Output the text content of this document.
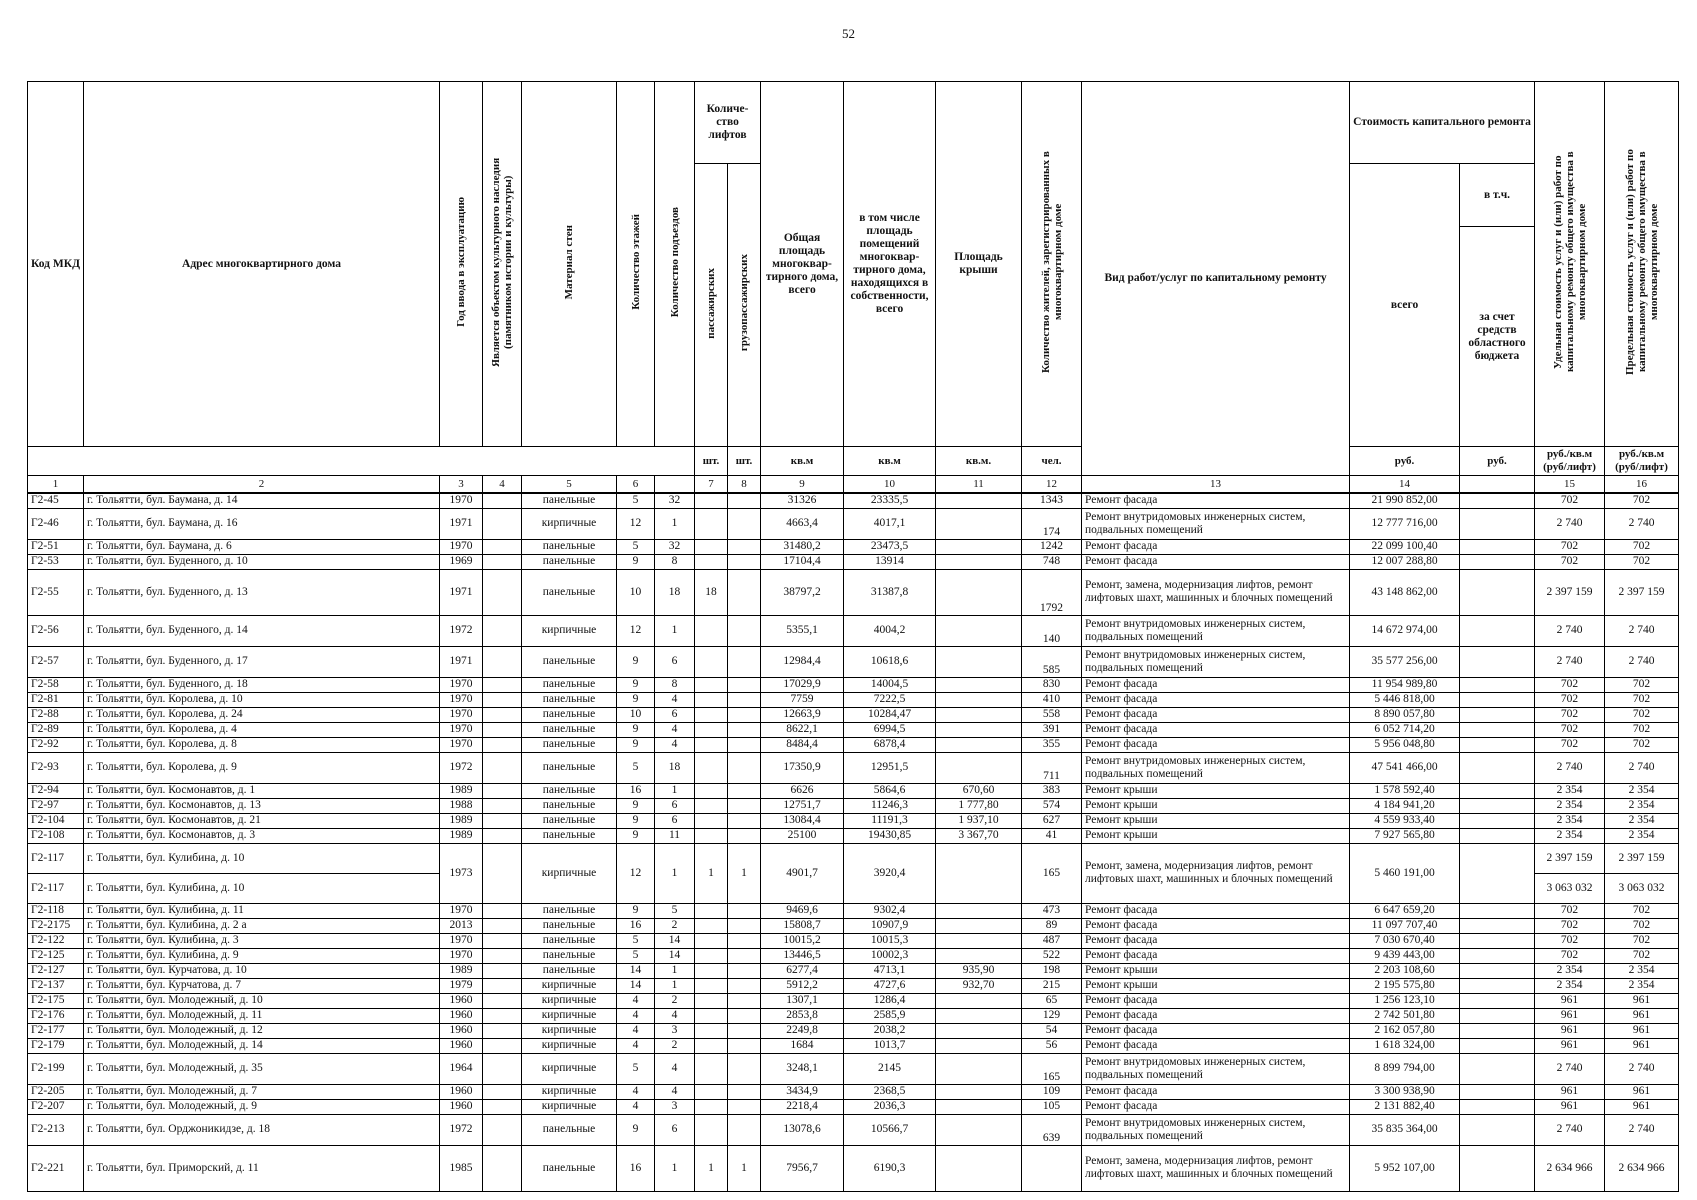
52
Код МКД	Адрес многоквартирного дома	Год ввода в эксплуатацию	Является объектом культурного наследия (памятником истории и культуры)	Материал стен	Количество этажей	Количество подъездов	Количе-ство лифтов		Общая площадь многоквар-тирного дома, всего	в том числе площадь помещений многоквар-тирного дома, находящихся в собственности, всего	Площадь крыши	Количество жителей, зарегистрированных в многоквартирном доме	Вид работ/услуг по капитальному ремонту	Стоимость капитального ремонта		Удельная стоимость услуг и (или) работ по капитальному ремонту общего имущества в многоквартирном доме	Предельная стоимость услуг и (или) работ по капитальному ремонту общего имущества в многоквартирном доме
							пассажирских	грузопассажирских						всего	в т.ч.		
															за счет средств областного бюджета		
							шт.	шт.	кв.м	кв.м	кв.м.	чел.		руб.	руб.	руб./кв.м (руб/лифт)	руб./кв.м (руб/лифт)
1	2	3	4	5	6		7	8	9	10	11	12	13	14		15	16
Г2-45	г. Тольятти, бул. Баумана, д. 14	1970		панельные	5	32			31326	23335,5		1343	Ремонт фасада	21 990 852,00		702	702
Г2-46	г. Тольятти, бул. Баумана, д. 16	1971		кирпичные	12	1			4663,4	4017,1		174	Ремонт внутридомовых инженерных систем, подвальных помещений	12 777 716,00		2 740	2 740
Г2-51	г. Тольятти, бул. Баумана, д. 6	1970		панельные	5	32			31480,2	23473,5		1242	Ремонт фасада	22 099 100,40		702	702
Г2-53	г. Тольятти, бул. Буденного, д. 10	1969		панельные	9	8			17104,4	13914		748	Ремонт фасада	12 007 288,80		702	702
Г2-55	г. Тольятти, бул. Буденного, д. 13	1971		панельные	10	18	18		38797,2	31387,8		1792	Ремонт, замена, модернизация лифтов, ремонт лифтовых шахт, машинных и блочных помещений	43 148 862,00		2 397 159	2 397 159
Г2-56	г. Тольятти, бул. Буденного, д. 14	1972		кирпичные	12	1			5355,1	4004,2		140	Ремонт внутридомовых инженерных систем, подвальных помещений	14 672 974,00		2 740	2 740
Г2-57	г. Тольятти, бул. Буденного, д. 17	1971		панельные	9	6			12984,4	10618,6		585	Ремонт внутридомовых инженерных систем, подвальных помещений	35 577 256,00		2 740	2 740
Г2-58	г. Тольятти, бул. Буденного, д. 18	1970		панельные	9	8			17029,9	14004,5		830	Ремонт фасада	11 954 989,80		702	702
Г2-81	г. Тольятти, бул. Королева, д. 10	1970		панельные	9	4			7759	7222,5		410	Ремонт фасада	5 446 818,00		702	702
Г2-88	г. Тольятти, бул. Королева, д. 24	1970		панельные	10	6			12663,9	10284,47		558	Ремонт фасада	8 890 057,80		702	702
Г2-89	г. Тольятти, бул. Королева, д. 4	1970		панельные	9	4			8622,1	6994,5		391	Ремонт фасада	6 052 714,20		702	702
Г2-92	г. Тольятти, бул. Королева, д. 8	1970		панельные	9	4			8484,4	6878,4		355	Ремонт фасада	5 956 048,80		702	702
Г2-93	г. Тольятти, бул. Королева, д. 9	1972		панельные	5	18			17350,9	12951,5		711	Ремонт внутридомовых инженерных систем, подвальных помещений	47 541 466,00		2 740	2 740
Г2-94	г. Тольятти, бул. Космонавтов, д. 1	1989		панельные	16	1			6626	5864,6	670,60	383	Ремонт крыши	1 578 592,40		2 354	2 354
Г2-97	г. Тольятти, бул. Космонавтов, д. 13	1988		панельные	9	6			12751,7	11246,3	1 777,80	574	Ремонт крыши	4 184 941,20		2 354	2 354
Г2-104	г. Тольятти, бул. Космонавтов, д. 21	1989		панельные	9	6			13084,4	11191,3	1 937,10	627	Ремонт крыши	4 559 933,40		2 354	2 354
Г2-108	г. Тольятти, бул. Космонавтов, д. 3	1989		панельные	9	11			25100	19430,85	3 367,70	41	Ремонт крыши	7 927 565,80		2 354	2 354
Г2-117	г. Тольятти, бул. Кулибина, д. 10	1973		кирпичные	12	1	1	1	4901,7	3920,4		165	Ремонт, замена, модернизация лифтов, ремонт лифтовых шахт, машинных и блочных помещений	5 460 191,00		2 397 159	2 397 159
Г2-117	г. Тольятти, бул. Кулибина, д. 10															3 063 032	3 063 032
Г2-118	г. Тольятти, бул. Кулибина, д. 11	1970		панельные	9	5			9469,6	9302,4		473	Ремонт фасада	6 647 659,20		702	702
Г2-2175	г. Тольятти, бул. Кулибина, д. 2 а	2013		панельные	16	2			15808,7	10907,9		89	Ремонт фасада	11 097 707,40		702	702
Г2-122	г. Тольятти, бул. Кулибина, д. 3	1970		панельные	5	14			10015,2	10015,3		487	Ремонт фасада	7 030 670,40		702	702
Г2-125	г. Тольятти, бул. Кулибина, д. 9	1970		панельные	5	14			13446,5	10002,3		522	Ремонт фасада	9 439 443,00		702	702
Г2-127	г. Тольятти, бул. Курчатова, д. 10	1989		панельные	14	1			6277,4	4713,1	935,90	198	Ремонт крыши	2 203 108,60		2 354	2 354
Г2-137	г. Тольятти, бул. Курчатова, д. 7	1979		кирпичные	14	1			5912,2	4727,6	932,70	215	Ремонт крыши	2 195 575,80		2 354	2 354
Г2-175	г. Тольятти, бул. Молодежный, д. 10	1960		кирпичные	4	2			1307,1	1286,4		65	Ремонт фасада	1 256 123,10		961	961
Г2-176	г. Тольятти, бул. Молодежный, д. 11	1960		кирпичные	4	4			2853,8	2585,9		129	Ремонт фасада	2 742 501,80		961	961
Г2-177	г. Тольятти, бул. Молодежный, д. 12	1960		кирпичные	4	3			2249,8	2038,2		54	Ремонт фасада	2 162 057,80		961	961
Г2-179	г. Тольятти, бул. Молодежный, д. 14	1960		кирпичные	4	2			1684	1013,7		56	Ремонт фасада	1 618 324,00		961	961
Г2-199	г. Тольятти, бул. Молодежный, д. 35	1964		кирпичные	5	4			3248,1	2145		165	Ремонт внутридомовых инженерных систем, подвальных помещений	8 899 794,00		2 740	2 740
Г2-205	г. Тольятти, бул. Молодежный, д. 7	1960		кирпичные	4	4			3434,9	2368,5		109	Ремонт фасада	3 300 938,90		961	961
Г2-207	г. Тольятти, бул. Молодежный, д. 9	1960		кирпичные	4	3			2218,4	2036,3		105	Ремонт фасада	2 131 882,40		961	961
Г2-213	г. Тольятти, бул. Орджоникидзе, д. 18	1972		панельные	9	6			13078,6	10566,7		639	Ремонт внутридомовых инженерных систем, подвальных помещений	35 835 364,00		2 740	2 740
Г2-221	г. Тольятти, бул. Приморский, д. 11	1985		панельные	16	1	1	1	7956,7	6190,3			Ремонт, замена, модернизация лифтов, ремонт лифтовых шахт, машинных и блочных помещений	5 952 107,00		2 634 966	2 634 966
